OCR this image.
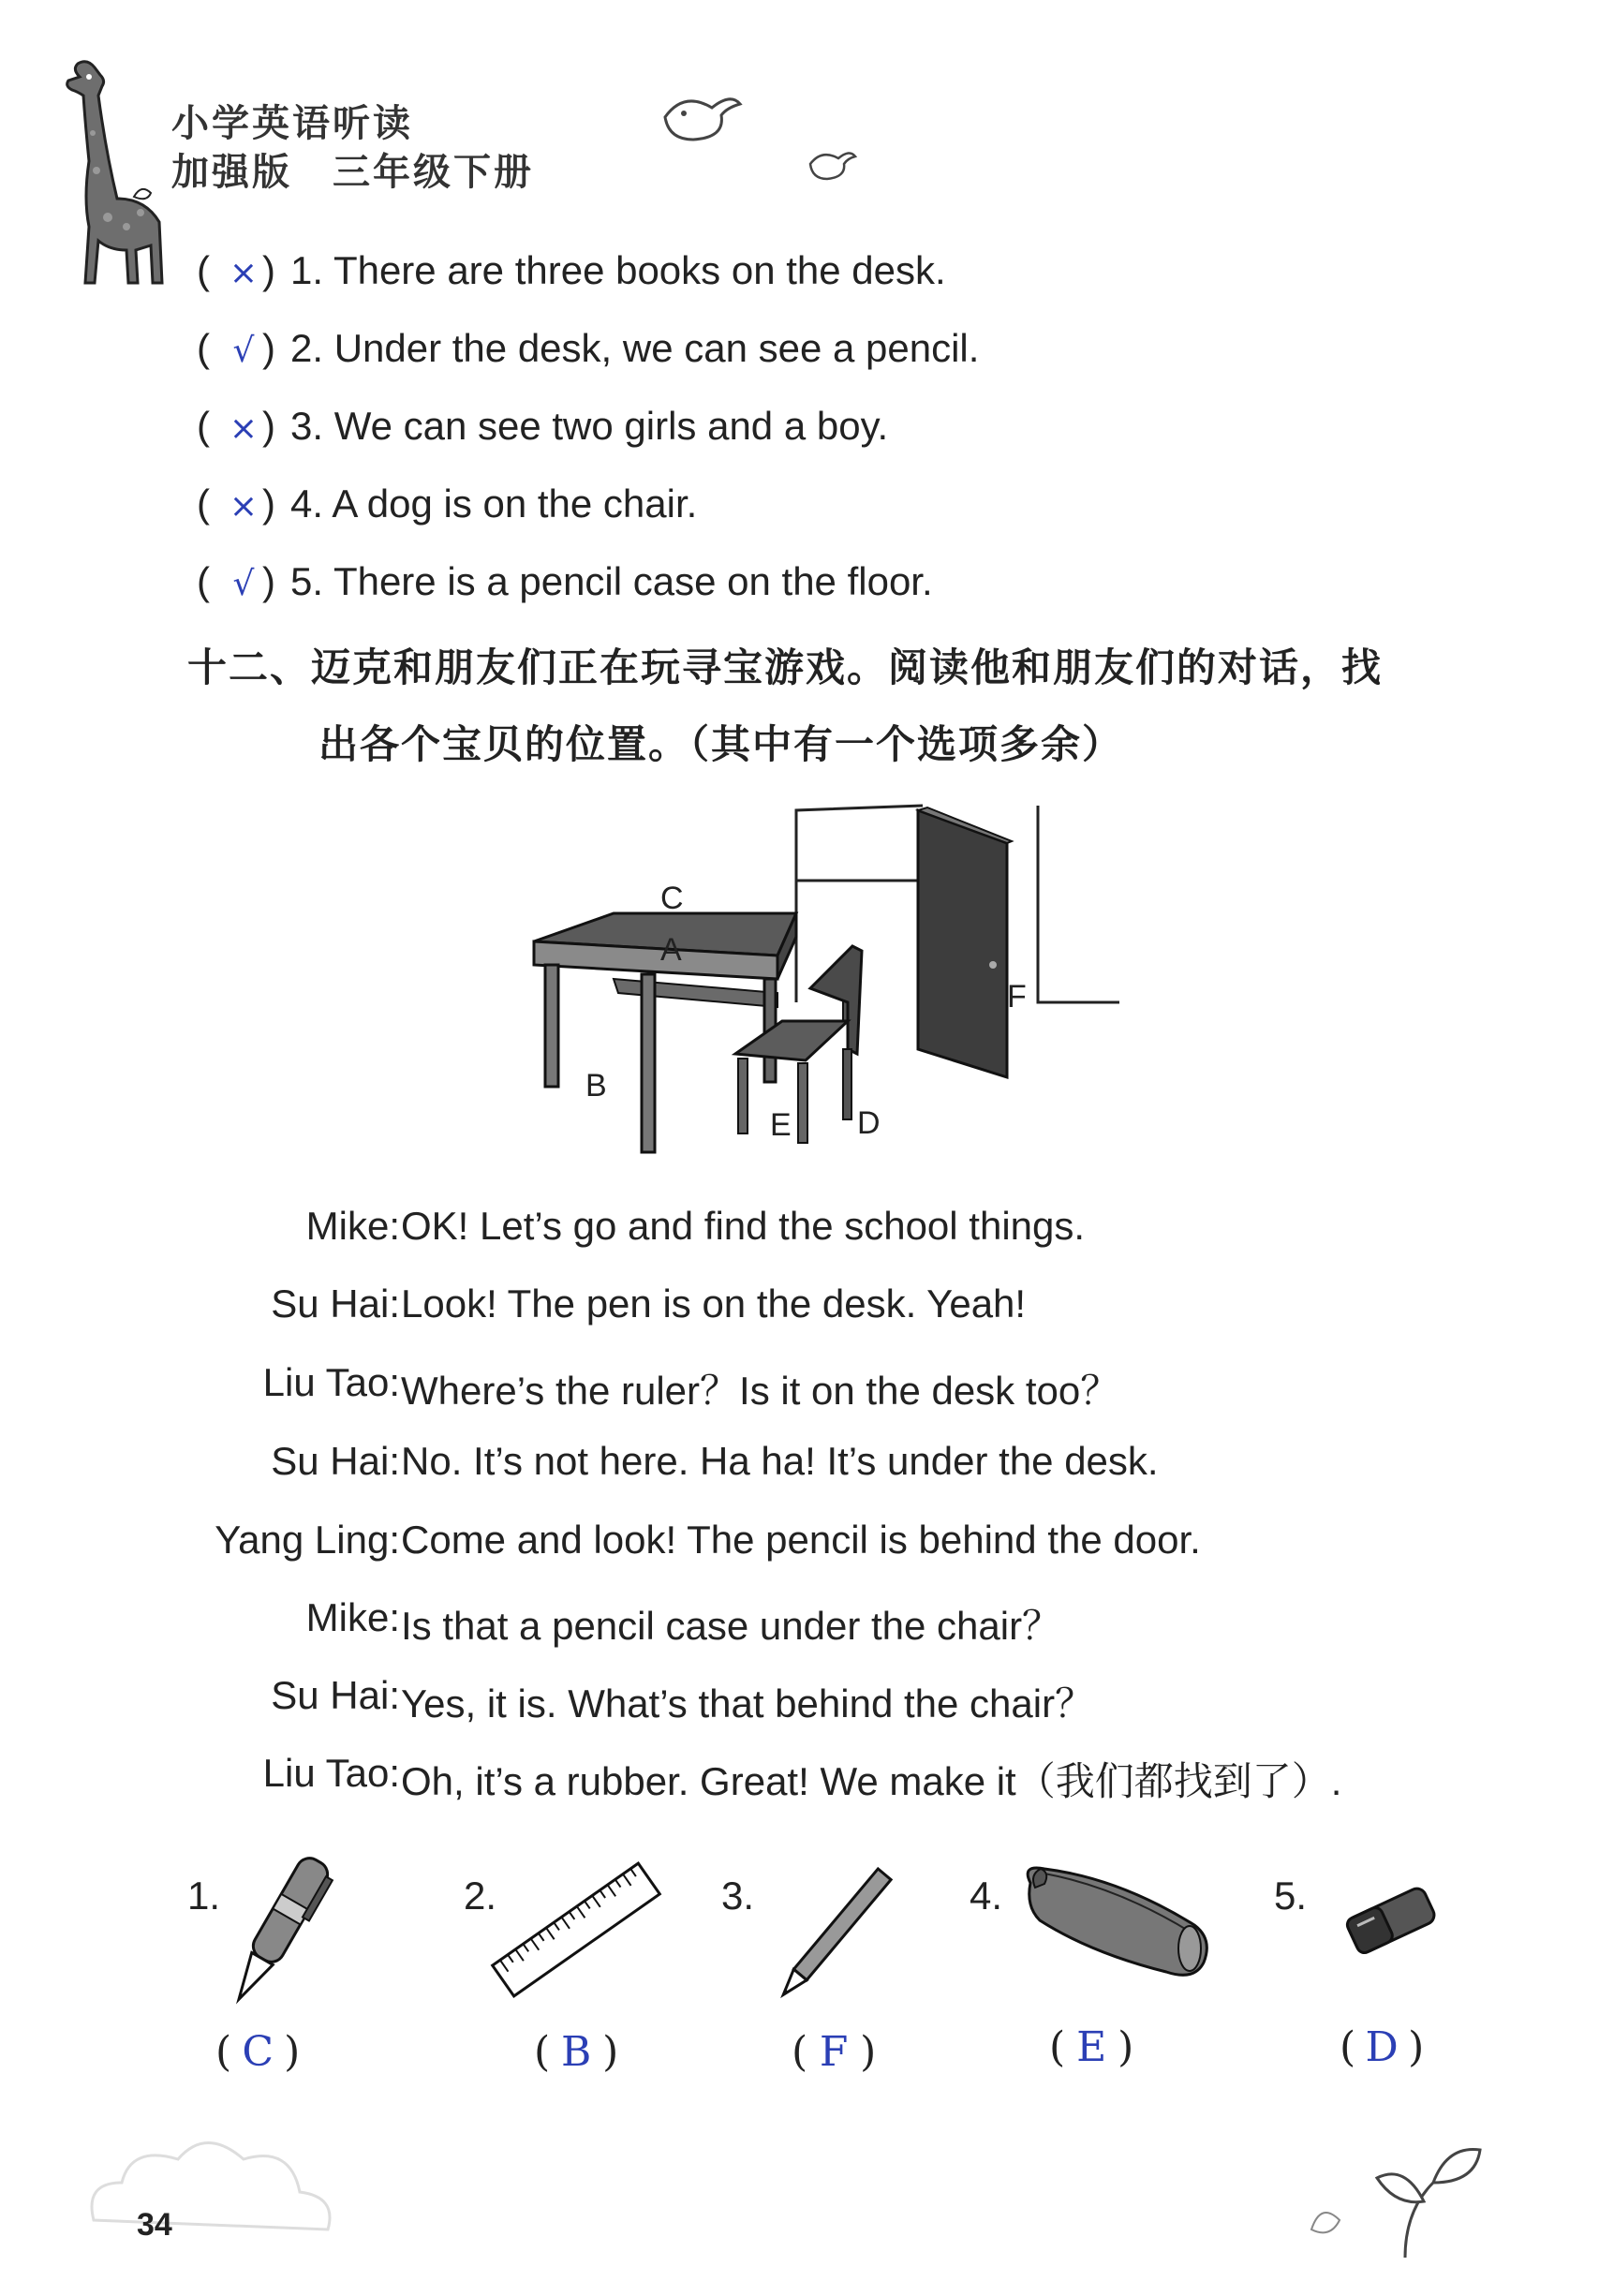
小学英语听读
加强版　三年级下册
( × ) 1. There are three books on the desk.
( √ ) 2. Under the desk, we can see a pencil.
( × ) 3. We can see two girls and a boy.
( × ) 4. A dog is on the chair.
( √ ) 5. There is a pencil case on the floor.
十二、迈克和朋友们正在玩寻宝游戏。阅读他和朋友们的对话，找
出各个宝贝的位置。（其中有一个选项多余）
A
B
C
D
E
F
Mike: OK! Let’s go and find the school things.
Su Hai: Look! The pen is on the desk. Yeah!
Liu Tao: Where’s the ruler？Is it on the desk too？
Su Hai: No. It’s not here. Ha ha! It’s under the desk.
Yang Ling: Come and look! The pencil is behind the door.
Mike: Is that a pencil case under the chair？
Su Hai: Yes, it is. What’s that behind the chair？
Liu Tao: Oh, it’s a rubber. Great! We make it（我们都找到了）.
1.
( C )
2.
( B )
3.
( F )
4.
( E )
5.
( D )
34
